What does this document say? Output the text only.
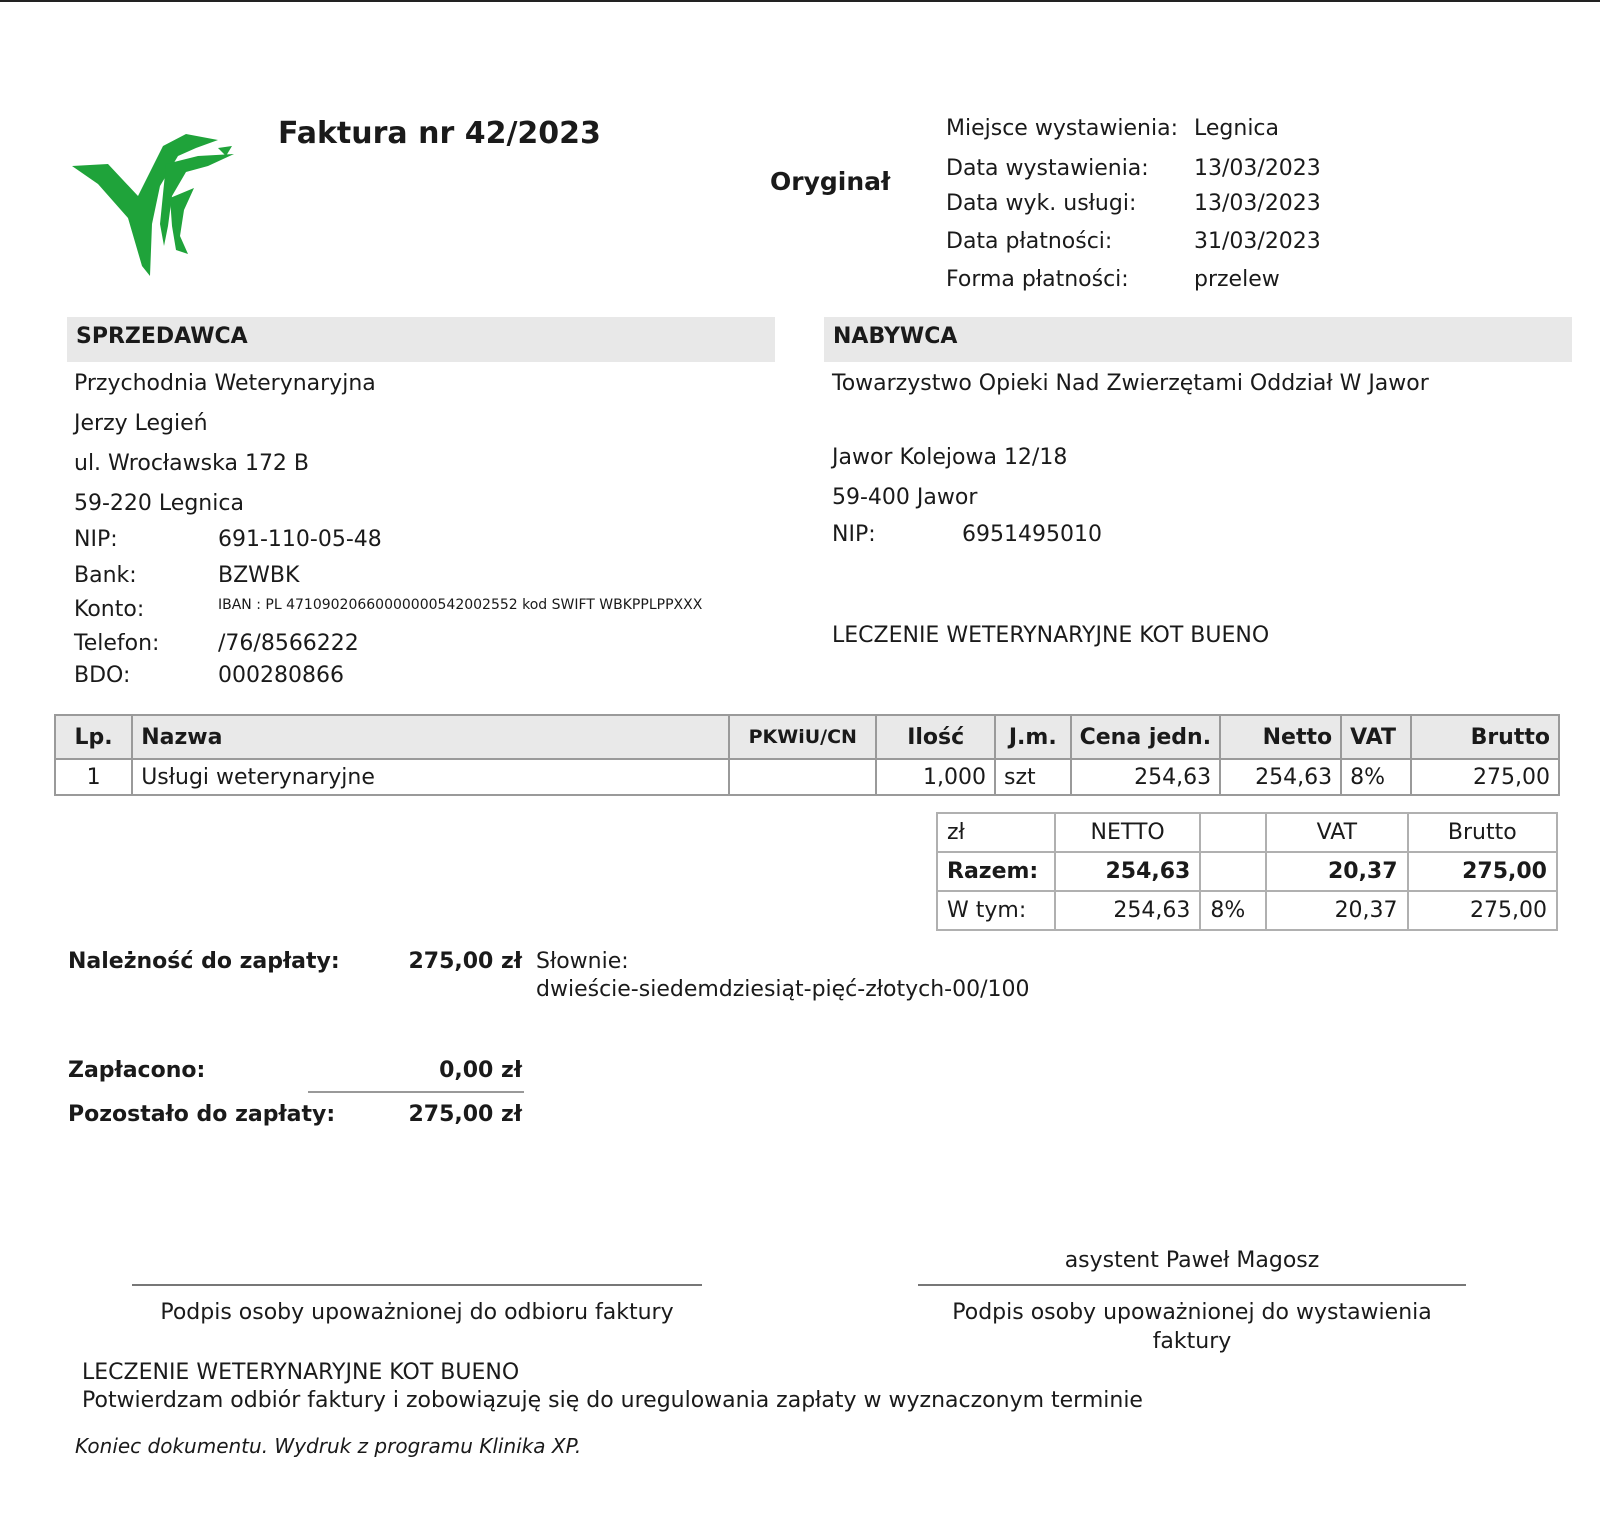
Faktura nr 42/2023
Oryginał
Miejsce wystawienia: Legnica
Data wystawienia: 13/03/2023
Data wyk. usługi:	13/03/2023
Data płatności:	31/03/2023
Forma płatności:	przelew
SPRZEDAWCA
Przychodnia Weterynaryjna
Jerzy Legień
ul. Wrocławska 172 B
59-220 Legnica
NIP:	691-110-05-48
Bank:	BZWBK
Konto:	IBAN : PL 47109020660000000542002552 kod SWIFT WBKPPLPPXXX
Telefon:	/76/8566222
BDO:	000280866
NABYWCA
Towarzystwo Opieki Nad Zwierzętami Oddział W Jawor
Jawor Kolejowa 12/18
59-400 Jawor
NIP:	6951495010
LECZENIE WETERYNARYJNE KOT BUENO
Lp.	Nazwa	PKWiU/CN	Ilość	J.m.	Cena jedn.	Netto	VAT	Brutto
1	Usługi weterynaryjne		1,000	szt	254,63	254,63	8%	275,00
zł	NETTO		VAT	Brutto
Razem:	254,63		20,37	275,00
W tym:	254,63	8%	20,37	275,00
Należność do zapłaty:	275,00 zł Słownie:
dwieście-siedemdziesiąt-pięć-złotych-00/100
Zapłacono:	0,00 zł
Pozostało do zapłaty:	275,00 zł
asystent Paweł Magosz
Podpis osoby upoważnionej do odbioru faktury	Podpis osoby upoważnionej do wystawienia
faktury
LECZENIE WETERYNARYJNE KOT BUENO
Potwierdzam odbiór faktury i zobowiązuję się do uregulowania zapłaty w wyznaczonym terminie
Koniec dokumentu. Wydruk z programu Klinika XP.
